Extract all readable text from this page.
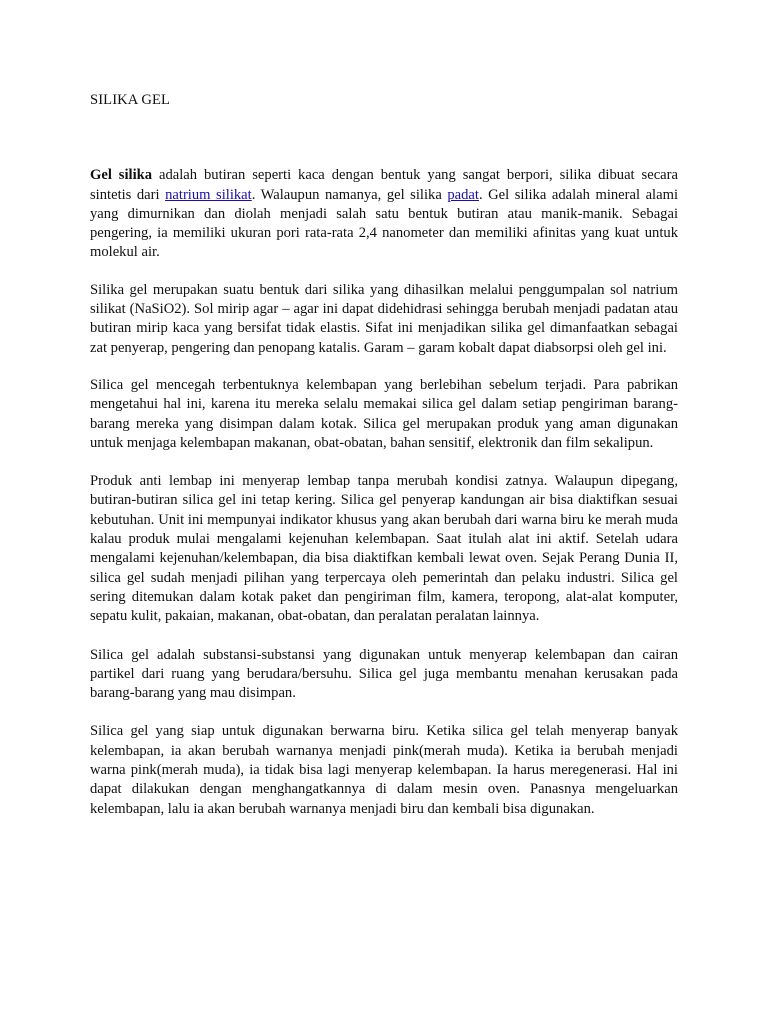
SILIKA GEL

Gel silika adalah butiran seperti kaca dengan bentuk yang sangat berpori, silika dibuat secara sintetis dari natrium silikat. Walaupun namanya, gel silika padat. Gel silika adalah mineral alami yang dimurnikan dan diolah menjadi salah satu bentuk butiran atau manik-manik. Sebagai pengering, ia memiliki ukuran pori rata-rata 2,4 nanometer dan memiliki afinitas yang kuat untuk molekul air.

Silika gel merupakan suatu bentuk dari silika yang dihasilkan melalui penggumpalan sol natrium silikat (NaSiO2). Sol mirip agar – agar ini dapat didehidrasi sehingga berubah menjadi padatan atau butiran mirip kaca yang bersifat tidak elastis. Sifat ini menjadikan silika gel dimanfaatkan sebagai zat penyerap, pengering dan penopang katalis. Garam – garam kobalt dapat diabsorpsi oleh gel ini.

Silica gel mencegah terbentuknya kelembapan yang berlebihan sebelum terjadi. Para pabrikan mengetahui hal ini, karena itu mereka selalu memakai silica gel dalam setiap pengiriman barang-barang mereka yang disimpan dalam kotak. Silica gel merupakan produk yang aman digunakan untuk menjaga kelembapan makanan, obat-obatan, bahan sensitif, elektronik dan film sekalipun.

Produk anti lembap ini menyerap lembap tanpa merubah kondisi zatnya. Walaupun dipegang, butiran-butiran silica gel ini tetap kering. Silica gel penyerap kandungan air bisa diaktifkan sesuai kebutuhan. Unit ini mempunyai indikator khusus yang akan berubah dari warna biru ke merah muda kalau produk mulai mengalami kejenuhan kelembapan. Saat itulah alat ini aktif. Setelah udara mengalami kejenuhan/kelembapan, dia bisa diaktifkan kembali lewat oven. Sejak Perang Dunia II, silica gel sudah menjadi pilihan yang terpercaya oleh pemerintah dan pelaku industri. Silica gel sering ditemukan dalam kotak paket dan pengiriman film, kamera, teropong, alat-alat komputer, sepatu kulit, pakaian, makanan, obat-obatan, dan peralatan peralatan lainnya.

Silica gel adalah substansi-substansi yang digunakan untuk menyerap kelembapan dan cairan partikel dari ruang yang berudara/bersuhu. Silica gel juga membantu menahan kerusakan pada barang-barang yang mau disimpan.

Silica gel yang siap untuk digunakan berwarna biru. Ketika silica gel telah menyerap banyak kelembapan, ia akan berubah warnanya menjadi pink(merah muda). Ketika ia berubah menjadi warna pink(merah muda), ia tidak bisa lagi menyerap kelembapan. Ia harus meregenerasi. Hal ini dapat dilakukan dengan menghangatkannya di dalam mesin oven. Panasnya mengeluarkan kelembapan, lalu ia akan berubah warnanya menjadi biru dan kembali bisa digunakan.
